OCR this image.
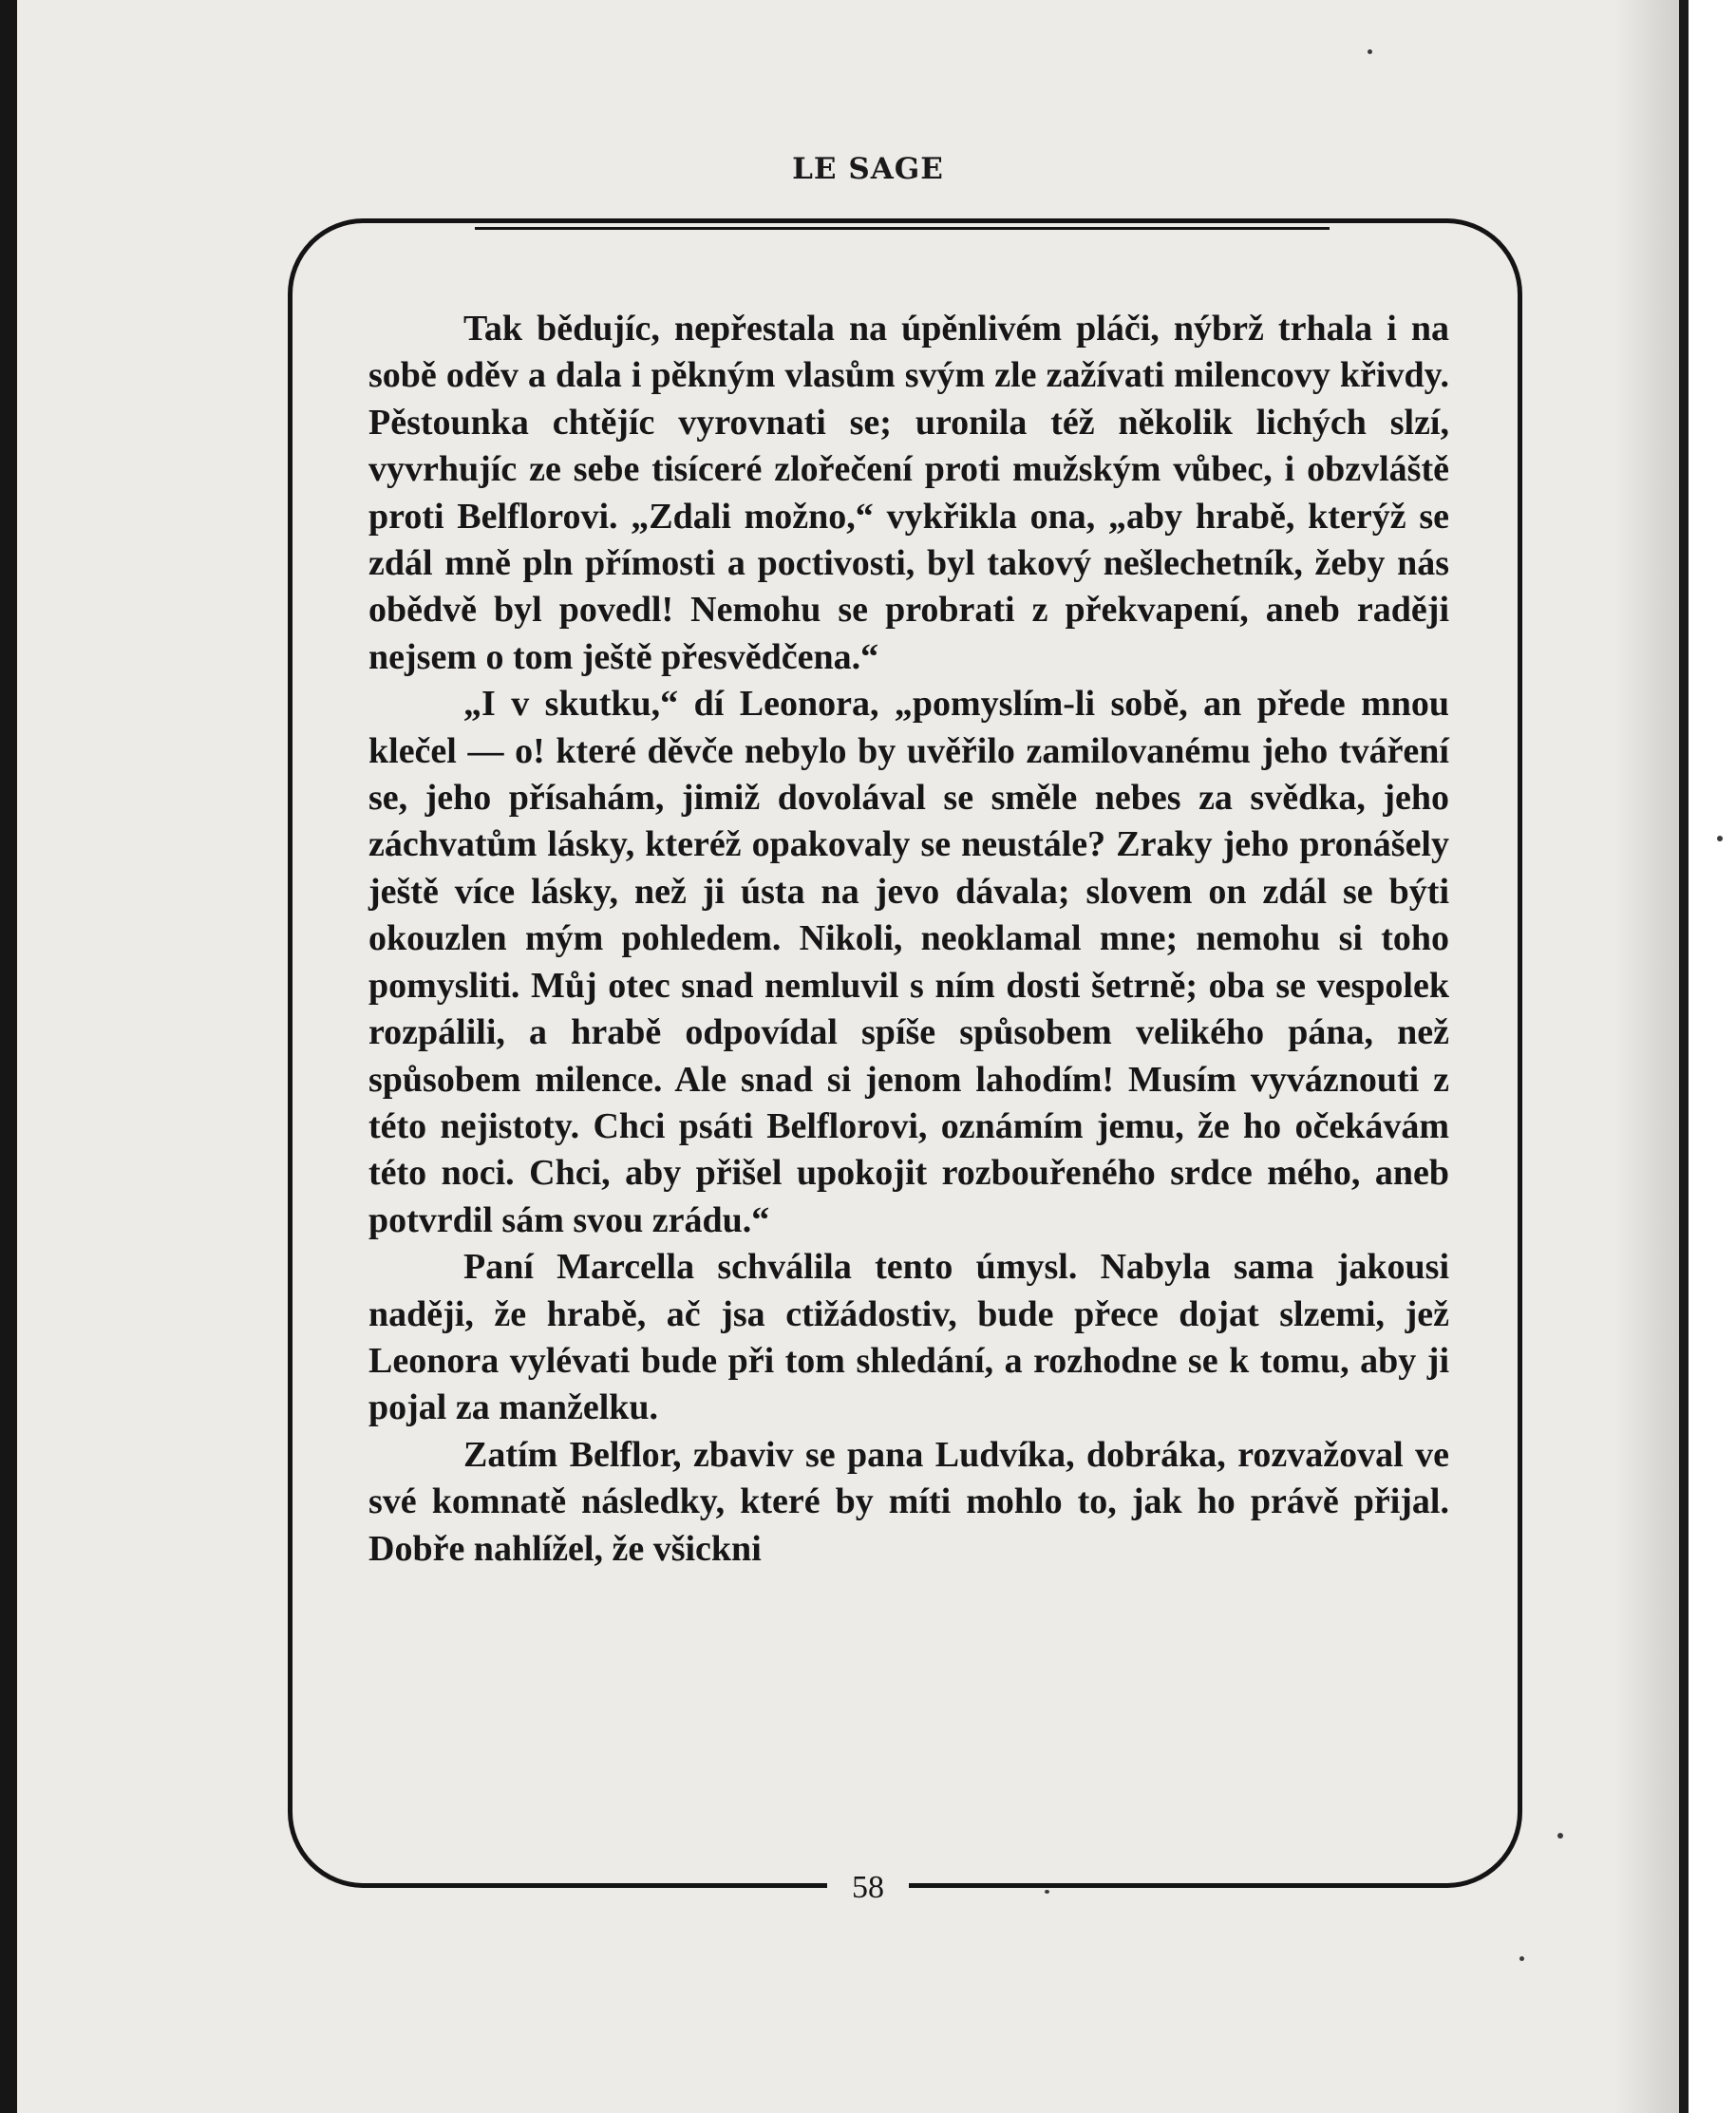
LE SAGE

Tak bědujíc, nepřestala na úpěnlivém pláči, nýbrž trhala i na sobě oděv a dala i pěkným vlasům svým zle zažívati milencovy křivdy. Pěstounka chtějíc vyrovnati se; uronila též několik lichých slzí, vyvrhujíc ze sebe tisíceré zlořečení proti mužským vůbec, i obzvláště proti Belflorovi. „Zdali možno,“ vykřikla ona, „aby hrabě, kterýž se zdál mně pln přímosti a poctivosti, byl takový nešlechetník, žeby nás obědvě byl povedl! Nemohu se probrati z překvapení, aneb raději nejsem o tom ještě přesvědčena.“

„I v skutku,“ dí Leonora, „pomyslím-li sobě, an přede mnou klečel — o! které děvče nebylo by uvěřilo zamilovanému jeho tváření se, jeho přísahám, jimiž dovolával se směle nebes za svědka, jeho záchvatům lásky, kteréž opakovaly se neustále? Zraky jeho pronášely ještě více lásky, než ji ústa na jevo dávala; slovem on zdál se býti okouzlen mým pohledem. Nikoli, neoklamal mne; nemohu si toho pomysliti. Můj otec snad nemluvil s ním dosti šetrně; oba se vespolek rozpálili, a hrabě odpovídal spíše spůsobem velikého pána, než spůsobem milence. Ale snad si jenom lahodím! Musím vyváznouti z této nejistoty. Chci psáti Belflorovi, oznámím jemu, že ho očekávám této noci. Chci, aby přišel upokojit rozbouřeného srdce mého, aneb potvrdil sám svou zrádu.“

Paní Marcella schválila tento úmysl. Nabyla sama jakousi naději, že hrabě, ač jsa ctižádostiv, bude přece dojat slzemi, jež Leonora vylévati bude při tom shledání, a rozhodne se k tomu, aby ji pojal za manželku.

Zatím Belflor, zbaviv se pana Ludvíka, dobráka, rozvažoval ve své komnatě následky, které by míti mohlo to, jak ho právě přijal. Dobře nahlížel, že všickni

58
